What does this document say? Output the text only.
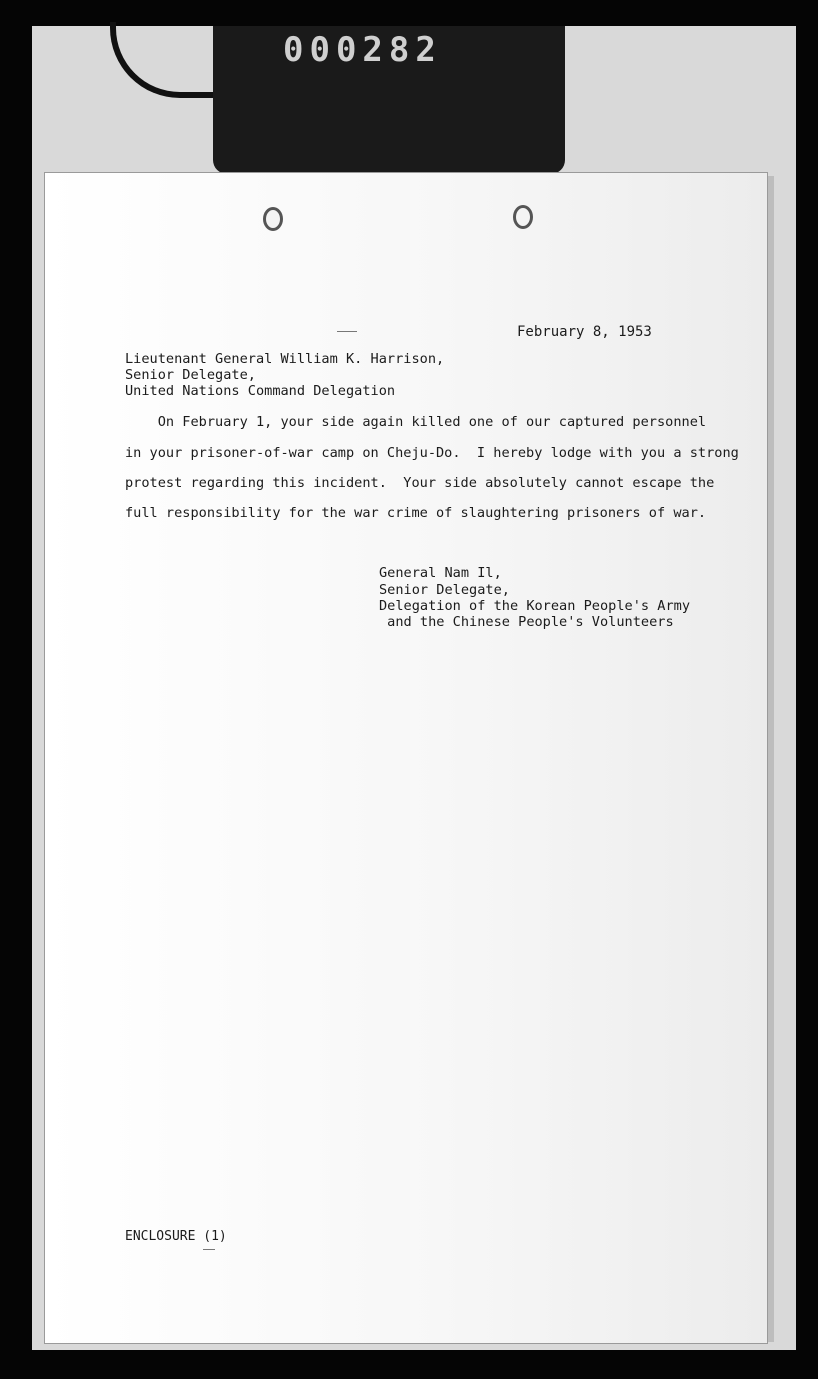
000282
February 8, 1953
Lieutenant General William K. Harrison,
Senior Delegate,
United Nations Command Delegation
On February 1, your side again killed one of our captured personnel
in your prisoner-of-war camp on Cheju-Do.  I hereby lodge with you a strong
protest regarding this incident.  Your side absolutely cannot escape the
full responsibility for the war crime of slaughtering prisoners of war.
General Nam Il,
Senior Delegate,
Delegation of the Korean People's Army
and the Chinese People's Volunteers
ENCLOSURE (1)
